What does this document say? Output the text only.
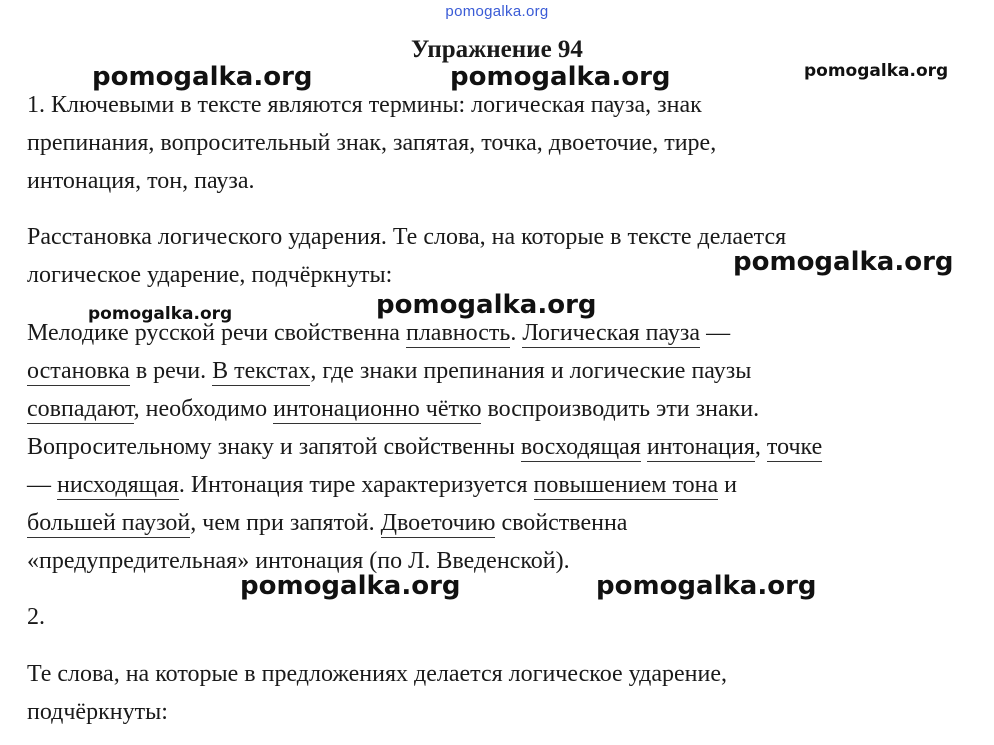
pomogalka.org
Упражнение 94
pomogalka.org	pomogalka.org	pomogalka.org

1. Ключевыми в тексте являются термины: логическая пауза, знак
препинания, вопросительный знак, запятая, точка, двоеточие, тире,
интонация, тон, пауза.

Расстановка логического ударения. Те слова, на которые в тексте делается
логическое ударение, подчёркнуты:	pomogalka.org
pomogalka.org	pomogalka.org

Мелодике русской речи свойственна плавность. Логическая пауза —
остановка в речи. В текстах, где знаки препинания и логические паузы
совпадают, необходимо интонационно чётко воспроизводить эти знаки.
Вопросительному знаку и запятой свойственны восходящая интонация, точке
— нисходящая. Интонация тире характеризуется повышением тона и
большей паузой, чем при запятой. Двоеточию свойственна
«предупредительная» интонация (по Л. Введенской).

pomogalka.org	pomogalka.org

2.

Те слова, на которые в предложениях делается логическое ударение,
подчёркнуты:
